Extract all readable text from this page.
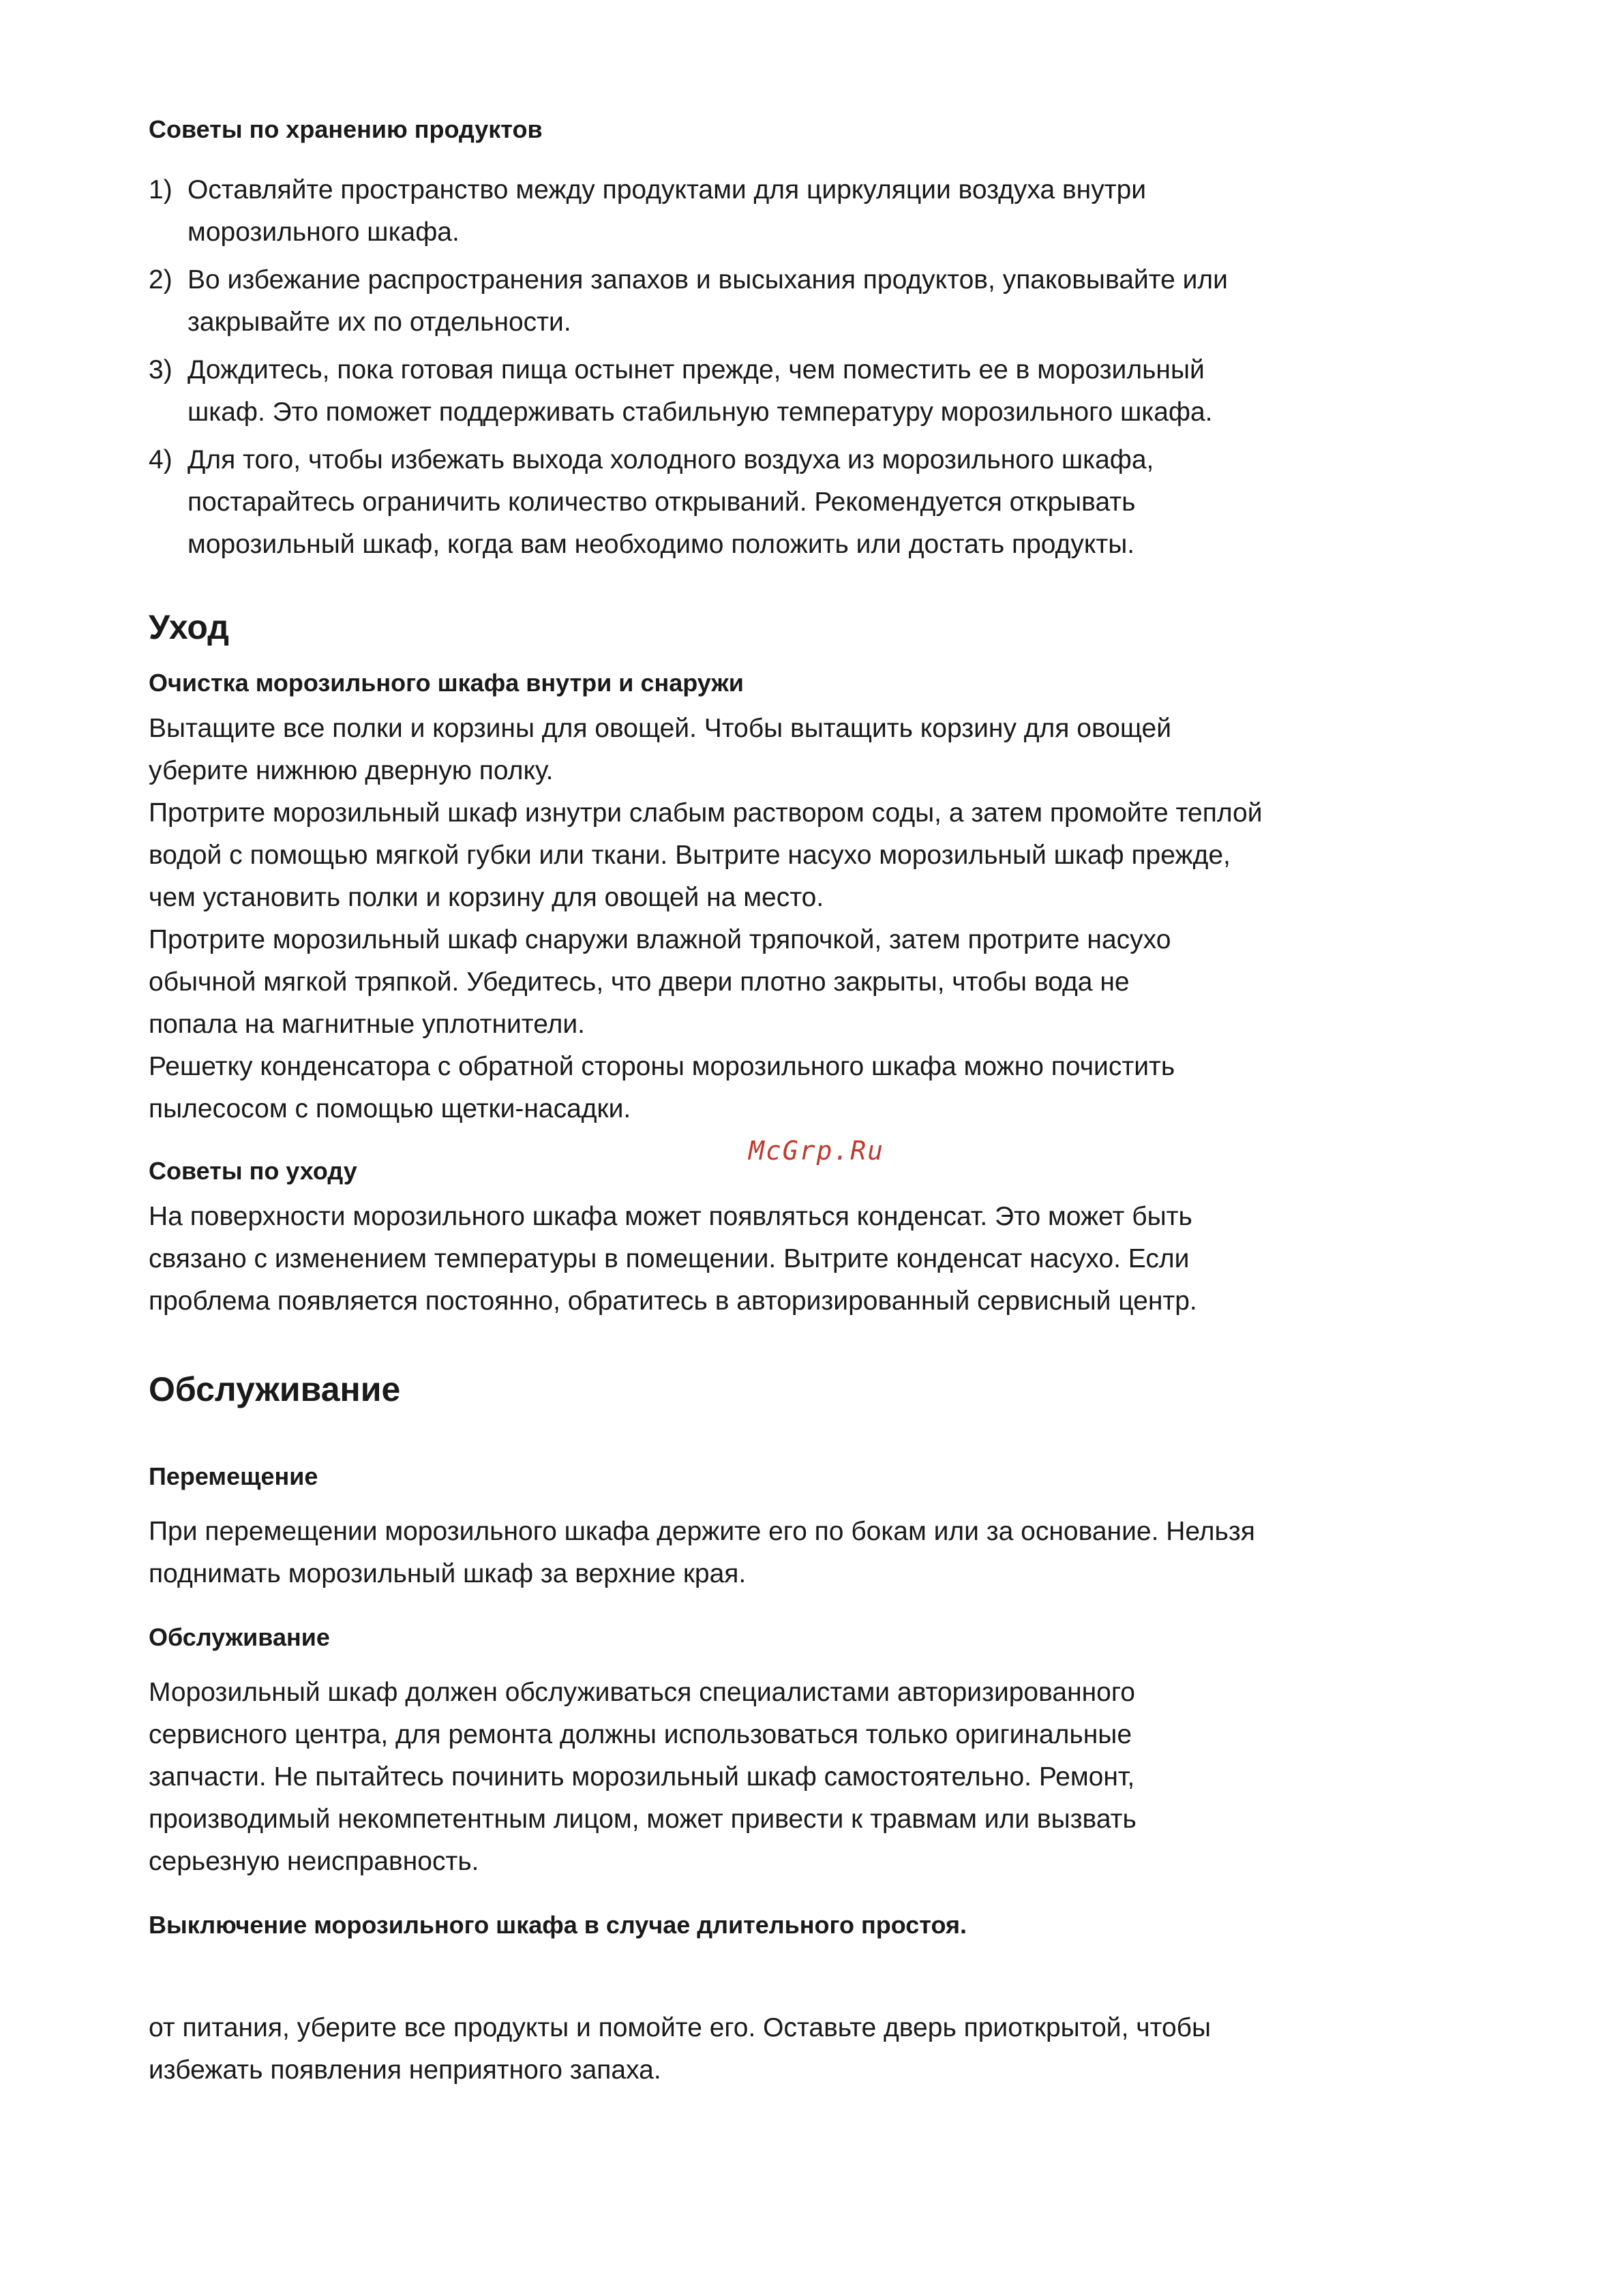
Советы по хранению продуктов
1) Оставляйте пространство между продуктами для циркуляции воздуха внутри
морозильного шкафа.
2) Во избежание распространения запахов и высыхания продуктов, упаковывайте или
закрывайте их по отдельности.
3) Дождитесь, пока готовая пища остынет прежде, чем поместить ее в морозильный
шкаф. Это поможет поддерживать стабильную температуру морозильного шкафа.
4) Для того, чтобы избежать выхода холодного воздуха из морозильного шкафа,
постарайтесь ограничить количество открываний. Рекомендуется открывать
морозильный шкаф, когда вам необходимо положить или достать продукты.
Уход
Очистка морозильного шкафа внутри и снаружи

Вытащите все полки и корзины для овощей. Чтобы вытащить корзину для овощей
уберите нижнюю дверную полку.
Протрите морозильный шкаф изнутри слабым раствором соды, а затем промойте теплой
водой с помощью мягкой губки или ткани. Вытрите насухо морозильный шкаф прежде,
чем установить полки и корзину для овощей на место.
Протрите морозильный шкаф снаружи влажной тряпочкой, затем протрите насухо
обычной мягкой тряпкой. Убедитесь, что двери плотно закрыты, чтобы вода не
попала на магнитные уплотнители.
Решетку конденсатора с обратной стороны морозильного шкафа можно почистить
пылесосом с помощью щетки-насадки.

McGrp.Ru
Советы по уходу

На поверхности морозильного шкафа может появляться конденсат. Это может быть
связано с изменением температуры в помещении. Вытрите конденсат насухо. Если
проблема появляется постоянно, обратитесь в авторизированный сервисный центр.

Обслуживание
Перемещение

При перемещении морозильного шкафа держите его по бокам или за основание. Нельзя
поднимать морозильный шкаф за верхние края.

Обслуживание

Морозильный шкаф должен обслуживаться специалистами авторизированного
сервисного центра, для ремонта должны использоваться только оригинальные
запчасти. Не пытайтесь починить морозильный шкаф самостоятельно. Ремонт,
производимый некомпетентным лицом, может привести к травмам или вызвать
серьезную неисправность.

Выключение морозильного шкафа в случае длительного простоя.

от питания, уберите все продукты и помойте его. Оставьте дверь приоткрытой, чтобы
избежать появления неприятного запаха.
